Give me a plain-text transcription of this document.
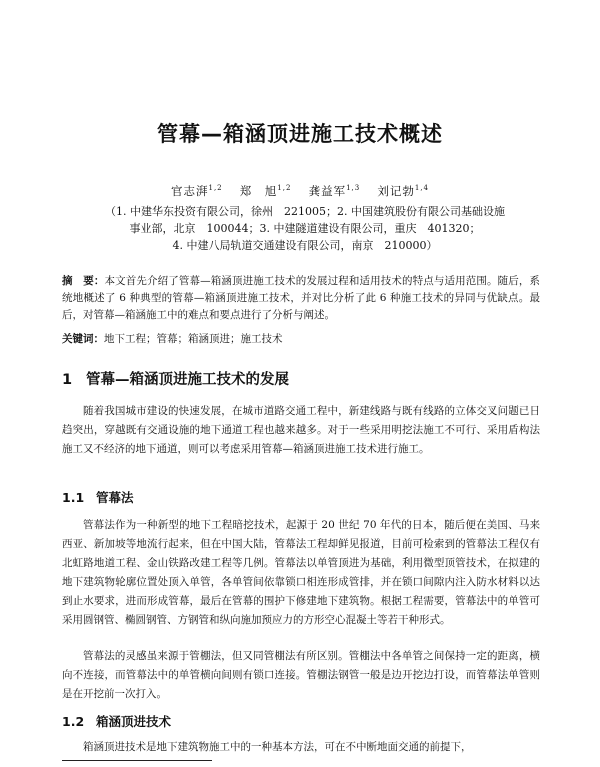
管幕—箱涵顶进施工技术概述
官志湃$^{1,2}$  郑　旭$^{1,2}$  龚益军$^{1,3}$  刘记勃$^{1,4}$
（1. 中建华东投资有限公司，徐州　221005；2. 中国建筑股份有限公司基础设施
事业部，北京　100044；3. 中建隧道建设有限公司，重庆　401320；
4. 中建八局轨道交通建设有限公司，南京　210000）
摘　要：本文首先介绍了管幕—箱涵顶进施工技术的发展过程和适用技术的特点与适用范围。随后，系统地概述了 6 种典型的管幕—箱涵顶进施工技术，并对比分析了此 6 种施工技术的异同与优缺点。最后，对管幕—箱涵施工中的难点和要点进行了分析与阐述。
关键词：地下工程；管幕；箱涵顶进；施工技术
1 管幕—箱涵顶进施工技术的发展
随着我国城市建设的快速发展，在城市道路交通工程中，新建线路与既有线路的立体交叉问题已日趋突出，穿越既有交通设施的地下通道工程也越来越多。对于一些采用明挖法施工不可行、采用盾构法施工又不经济的地下通道，则可以考虑采用管幕—箱涵顶进施工技术进行施工。
1.1 管幕法
管幕法作为一种新型的地下工程暗挖技术，起源于 20 世纪 70 年代的日本，随后便在美国、马来西亚、新加坡等地流行起来，但在中国大陆，管幕法工程却鲜见报道，目前可检索到的管幕法工程仅有北虹路地道工程、金山铁路改建工程等几例。管幕法以单管顶进为基础，利用微型顶管技术，在拟建的地下建筑物轮廓位置处顶入单管，各单管间依靠锁口相连形成管排，并在锁口间隙内注入防水材料以达到止水要求，进而形成管幕，最后在管幕的围护下修建地下建筑物。根据工程需要，管幕法中的单管可采用圆钢管、椭圆钢管、方钢管和纵向施加预应力的方形空心混凝土等若干种形式。
管幕法的灵感虽来源于管棚法，但又同管棚法有所区别。管棚法中各单管之间保持一定的距离，横向不连接，而管幕法中的单管横向间则有锁口连接。管棚法钢管一般是边开挖边打设，而管幕法单管则是在开挖前一次打入。
1.2 箱涵顶进技术
箱涵顶进技术是地下建筑物施工中的一种基本方法，可在不中断地面交通的前提下，
